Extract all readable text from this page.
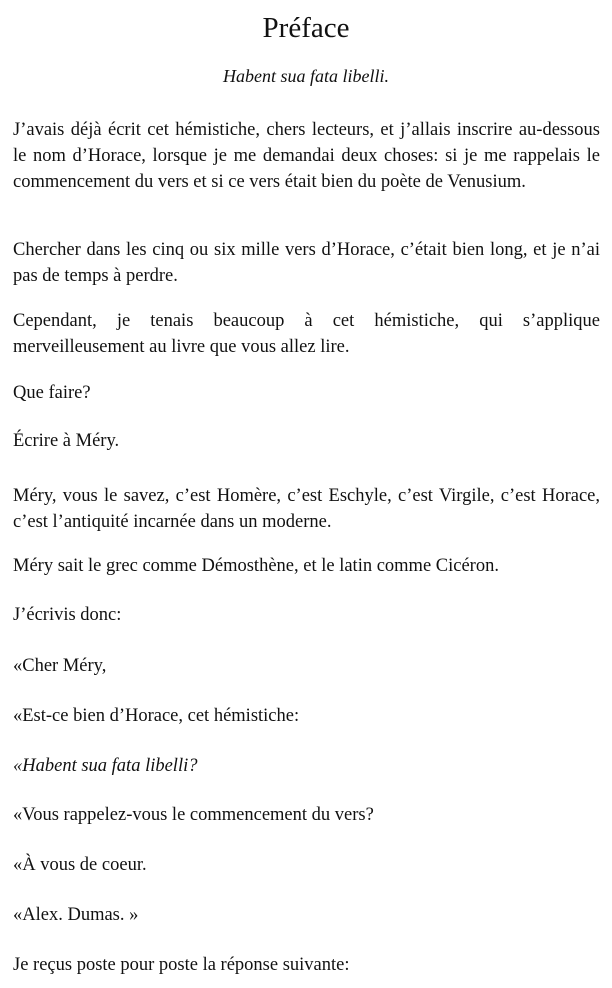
Préface

Habent sua fata libelli.

J’avais déjà écrit cet hémistiche, chers lecteurs, et j’allais inscrire au-dessous le nom d’Horace, lorsque je me demandai deux choses: si je me rappelais le commencement du vers et si ce vers était bien du poète de Venusium.

Chercher dans les cinq ou six mille vers d’Horace, c’était bien long, et je n’ai pas de temps à perdre.

Cependant, je tenais beaucoup à cet hémistiche, qui s’applique merveilleusement au livre que vous allez lire.

Que faire?

Écrire à Méry.

Méry, vous le savez, c’est Homère, c’est Eschyle, c’est Virgile, c’est Horace, c’est l’antiquité incarnée dans un moderne.

Méry sait le grec comme Démosthène, et le latin comme Cicéron.

J’écrivis donc:

«Cher Méry,

«Est-ce bien d’Horace, cet hémistiche:

«Habent sua fata libelli?

«Vous rappelez-vous le commencement du vers?

«À vous de coeur.

«Alex. Dumas. »

Je reçus poste pour poste la réponse suivante:
